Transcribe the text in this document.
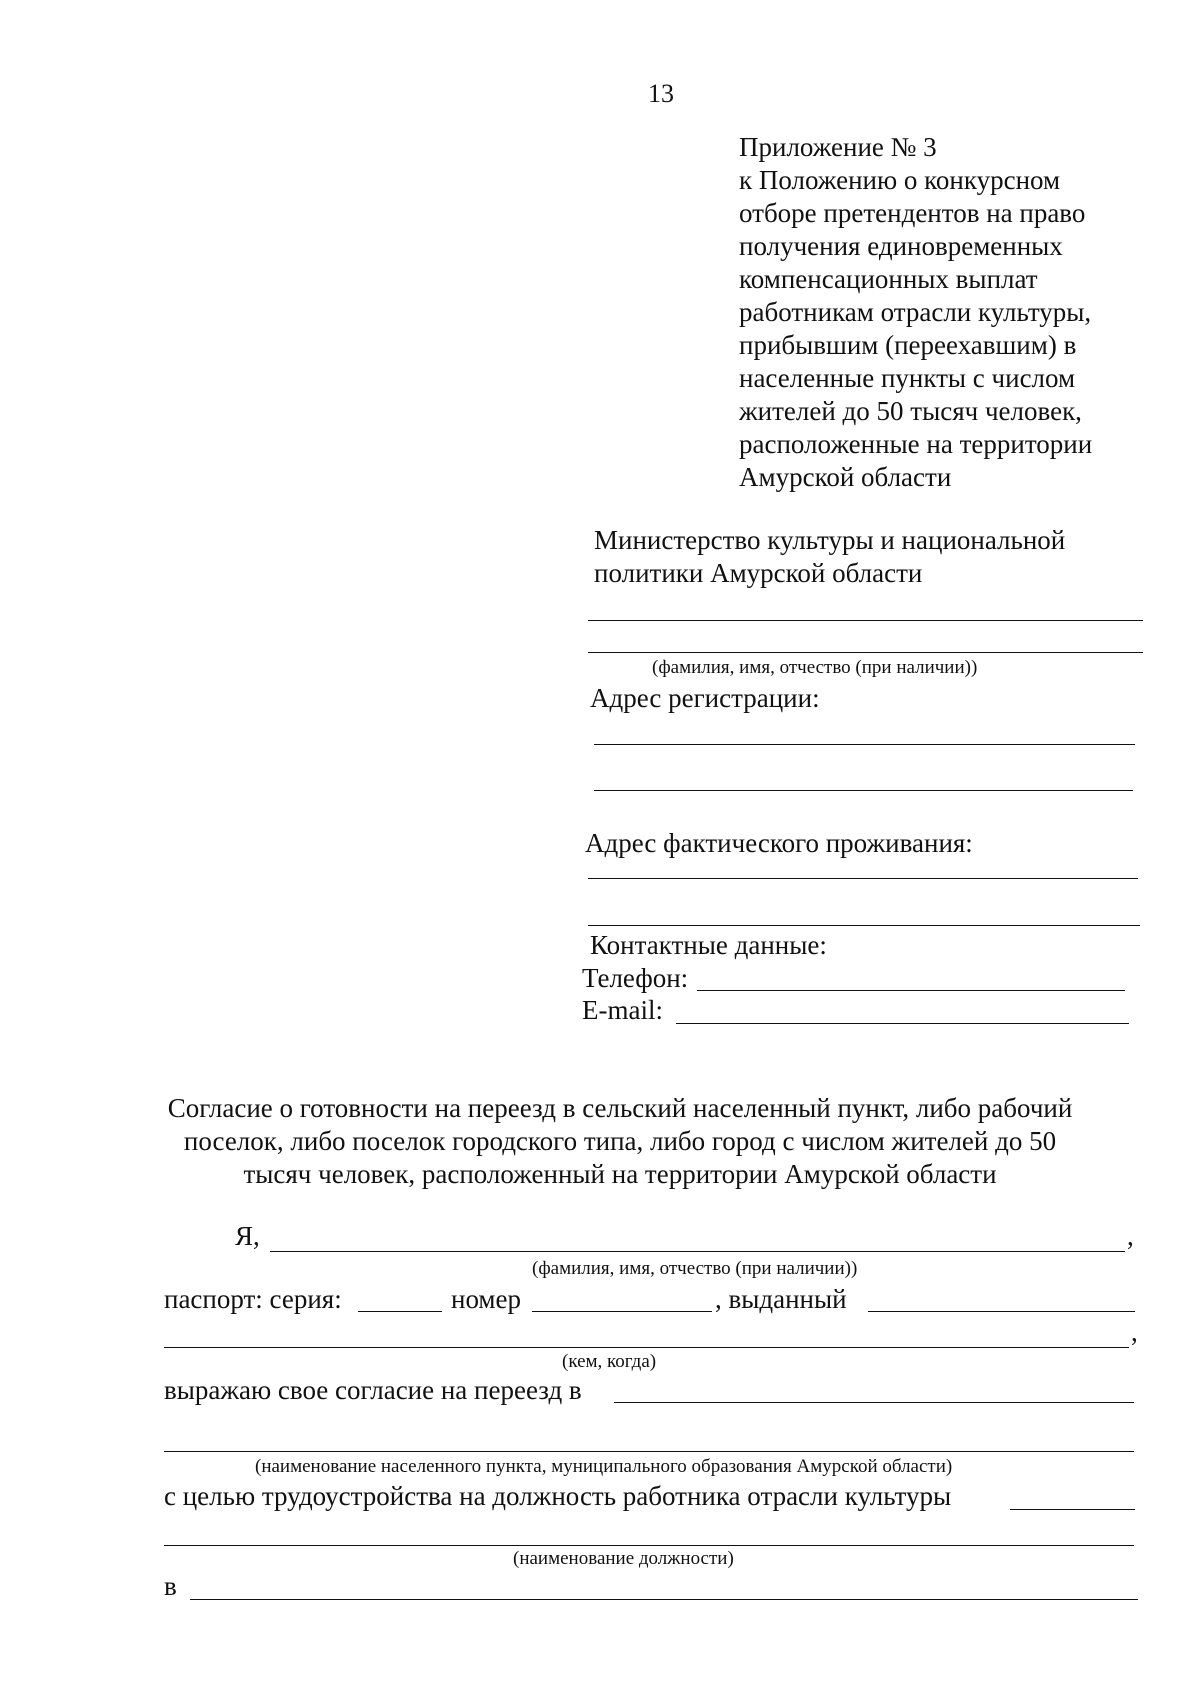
13
Приложение № 3
к Положению о конкурсном
отборе претендентов на право
получения единовременных
компенсационных выплат
работникам отрасли культуры,
прибывшим (переехавшим) в
населенные пункты с числом
жителей до 50 тысяч человек,
расположенные на территории
Амурской области
Министерство культуры и национальной
политики Амурской области
(фамилия, имя, отчество (при наличии))
Адрес регистрации:
Адрес фактического проживания:
Контактные данные:
Телефон:
E-mail:
Согласие о готовности на переезд в сельский населенный пункт, либо рабочий
поселок, либо поселок городского типа, либо город с числом жителей до 50
тысяч человек, расположенный на территории Амурской области
Я,	,
(фамилия, имя, отчество (при наличии))
паспорт: серия:	номер	, выданный
,
(кем, когда)
выражаю свое согласие на переезд в
(наименование населенного пункта, муниципального образования Амурской области)
с целью трудоустройства на должность работника отрасли культуры
(наименование должности)
в
